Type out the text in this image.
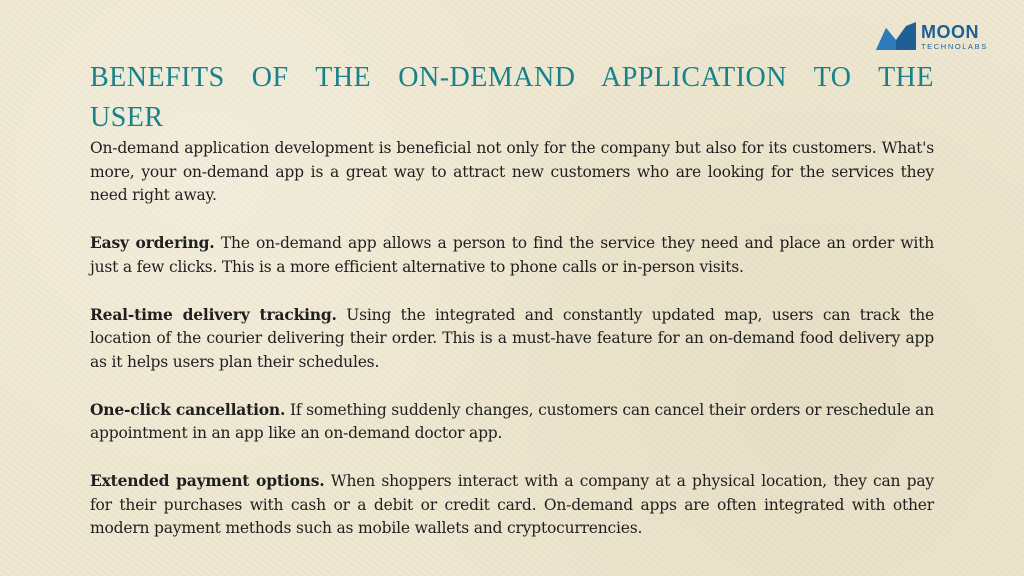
MOON
TECHNOLABS
BENEFITS OF THE ON-DEMAND APPLICATION TO THE USER

On-demand application development is beneficial not only for the company but also for its customers. What's more, your on-demand app is a great way to attract new customers who are looking for the services they need right away.

Easy ordering. The on-demand app allows a person to find the service they need and place an order with just a few clicks. This is a more efficient alternative to phone calls or in-person visits.

Real-time delivery tracking. Using the integrated and constantly updated map, users can track the location of the courier delivering their order. This is a must-have feature for an on-demand food delivery app as it helps users plan their schedules.

One-click cancellation. If something suddenly changes, customers can cancel their orders or reschedule an appointment in an app like an on-demand doctor app.

Extended payment options. When shoppers interact with a company at a physical location, they can pay for their purchases with cash or a debit or credit card. On-demand apps are often integrated with other modern payment methods such as mobile wallets and cryptocurrencies.
